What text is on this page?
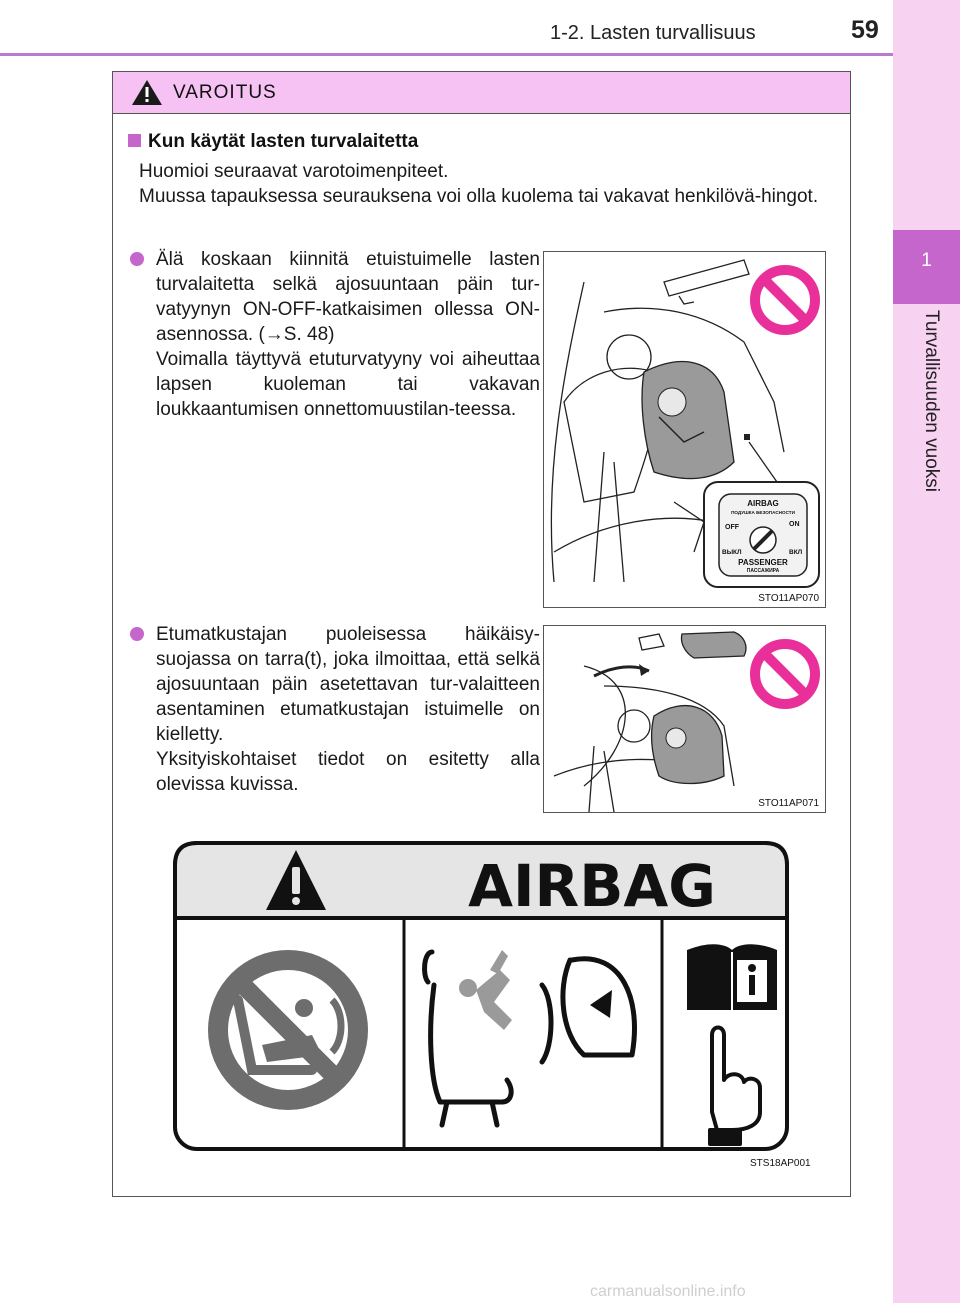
1-2. Lasten turvallisuus	59
1
Turvallisuuden vuoksi
VAROITUS
Kun käytät lasten turvalaitetta

Huomioi seuraavat varotoimenpiteet.

Muussa tapauksessa seurauksena voi olla kuolema tai vakavat henkilövä-hingot.

Älä koskaan kiinnitä etuistuimelle lasten turvalaitetta selkä ajosuuntaan päin tur-vatyynyn ON-OFF-katkaisimen ollessa ON-asennossa. (→S. 48)

Voimalla täyttyvä etuturvatyyny voi aiheuttaa lapsen kuoleman tai vakavan loukkaantumisen onnettomuustilan-teessa.

Etumatkustajan puoleisessa häikäisy-suojassa on tarra(t), joka ilmoittaa, että selkä ajosuuntaan päin asetettavan tur-valaitteen asentaminen etumatkustajan istuimelle on kielletty.

Yksityiskohtaiset tiedot on esitetty alla olevissa kuvissa.

AIRBAG
ПОДУШКА БЕЗОПАСНОСТИ
OFF	ON
ВЫКЛ	ВКЛ
PASSENGER
ПАССАЖИРА
STO11AP070
STO11AP071
AIRBAG
STS18AP001
carmanualsonline.info
